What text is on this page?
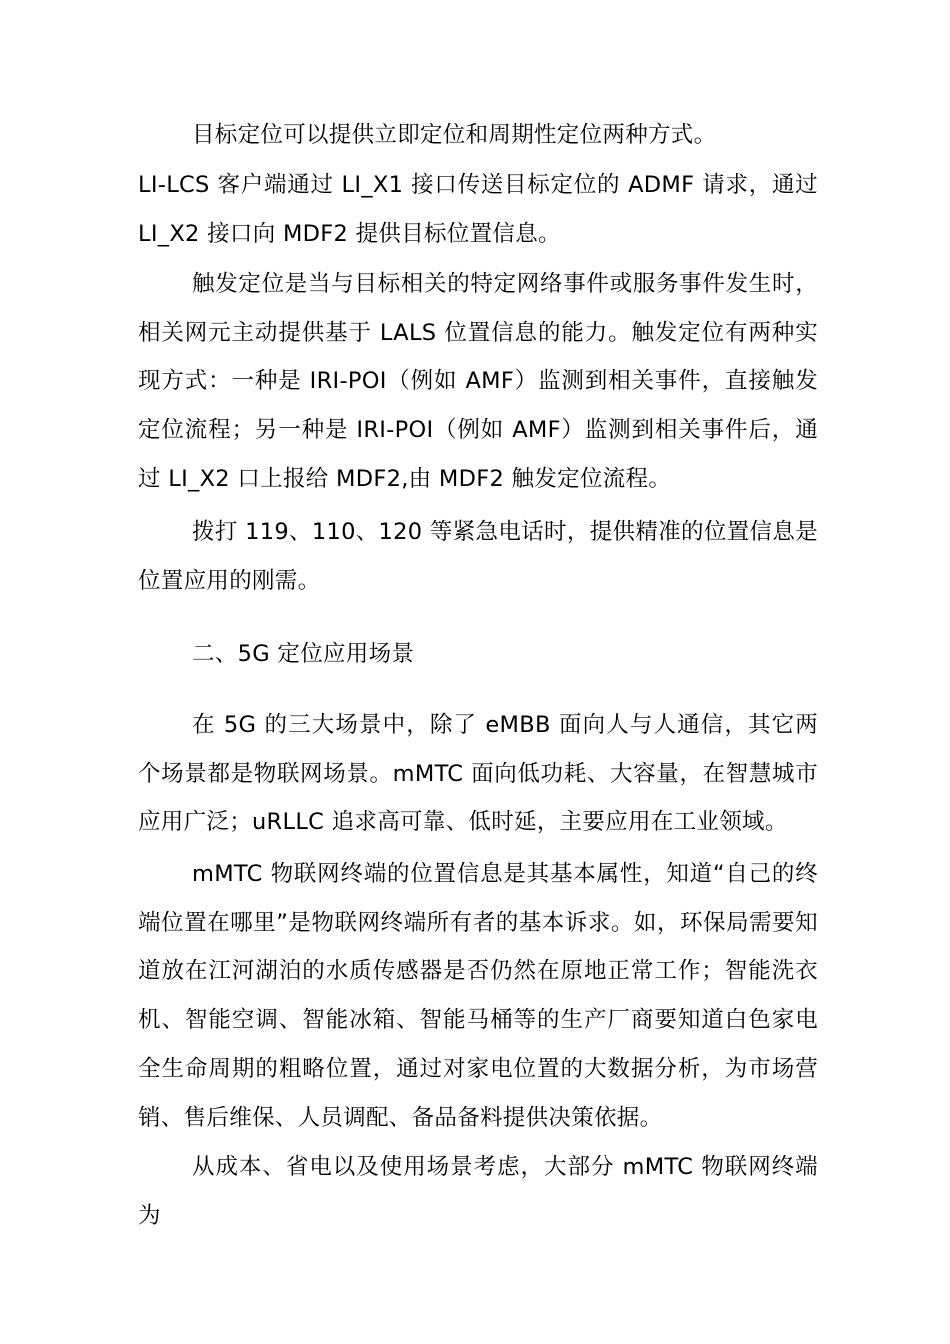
目标定位可以提供立即定位和周期性定位两种方式。

LI-LCS 客户端通过 LI_X1 接口传送目标定位的 ADMF 请求，通过 LI_X2 接口向 MDF2 提供目标位置信息。

触发定位是当与目标相关的特定网络事件或服务事件发生时，相关网元主动提供基于 LALS 位置信息的能力。触发定位有两种实现方式：一种是 IRI-POI（例如 AMF）监测到相关事件，直接触发定位流程；另一种是 IRI-POI（例如 AMF）监测到相关事件后，通过 LI_X2 口上报给 MDF2,由 MDF2 触发定位流程。

拨打 119、110、120 等紧急电话时，提供精准的位置信息是位置应用的刚需。

二、5G 定位应用场景

在 5G 的三大场景中，除了 eMBB 面向人与人通信，其它两个场景都是物联网场景。mMTC 面向低功耗、大容量，在智慧城市应用广泛；uRLLC 追求高可靠、低时延，主要应用在工业领域。

mMTC 物联网终端的位置信息是其基本属性，知道“自己的终端位置在哪里”是物联网终端所有者的基本诉求。如，环保局需要知道放在江河湖泊的水质传感器是否仍然在原地正常工作；智能洗衣机、智能空调、智能冰箱、智能马桶等的生产厂商要知道白色家电全生命周期的粗略位置，通过对家电位置的大数据分析，为市场营销、售后维保、人员调配、备品备料提供决策依据。

从成本、省电以及使用场景考虑，大部分 mMTC 物联网终端为
